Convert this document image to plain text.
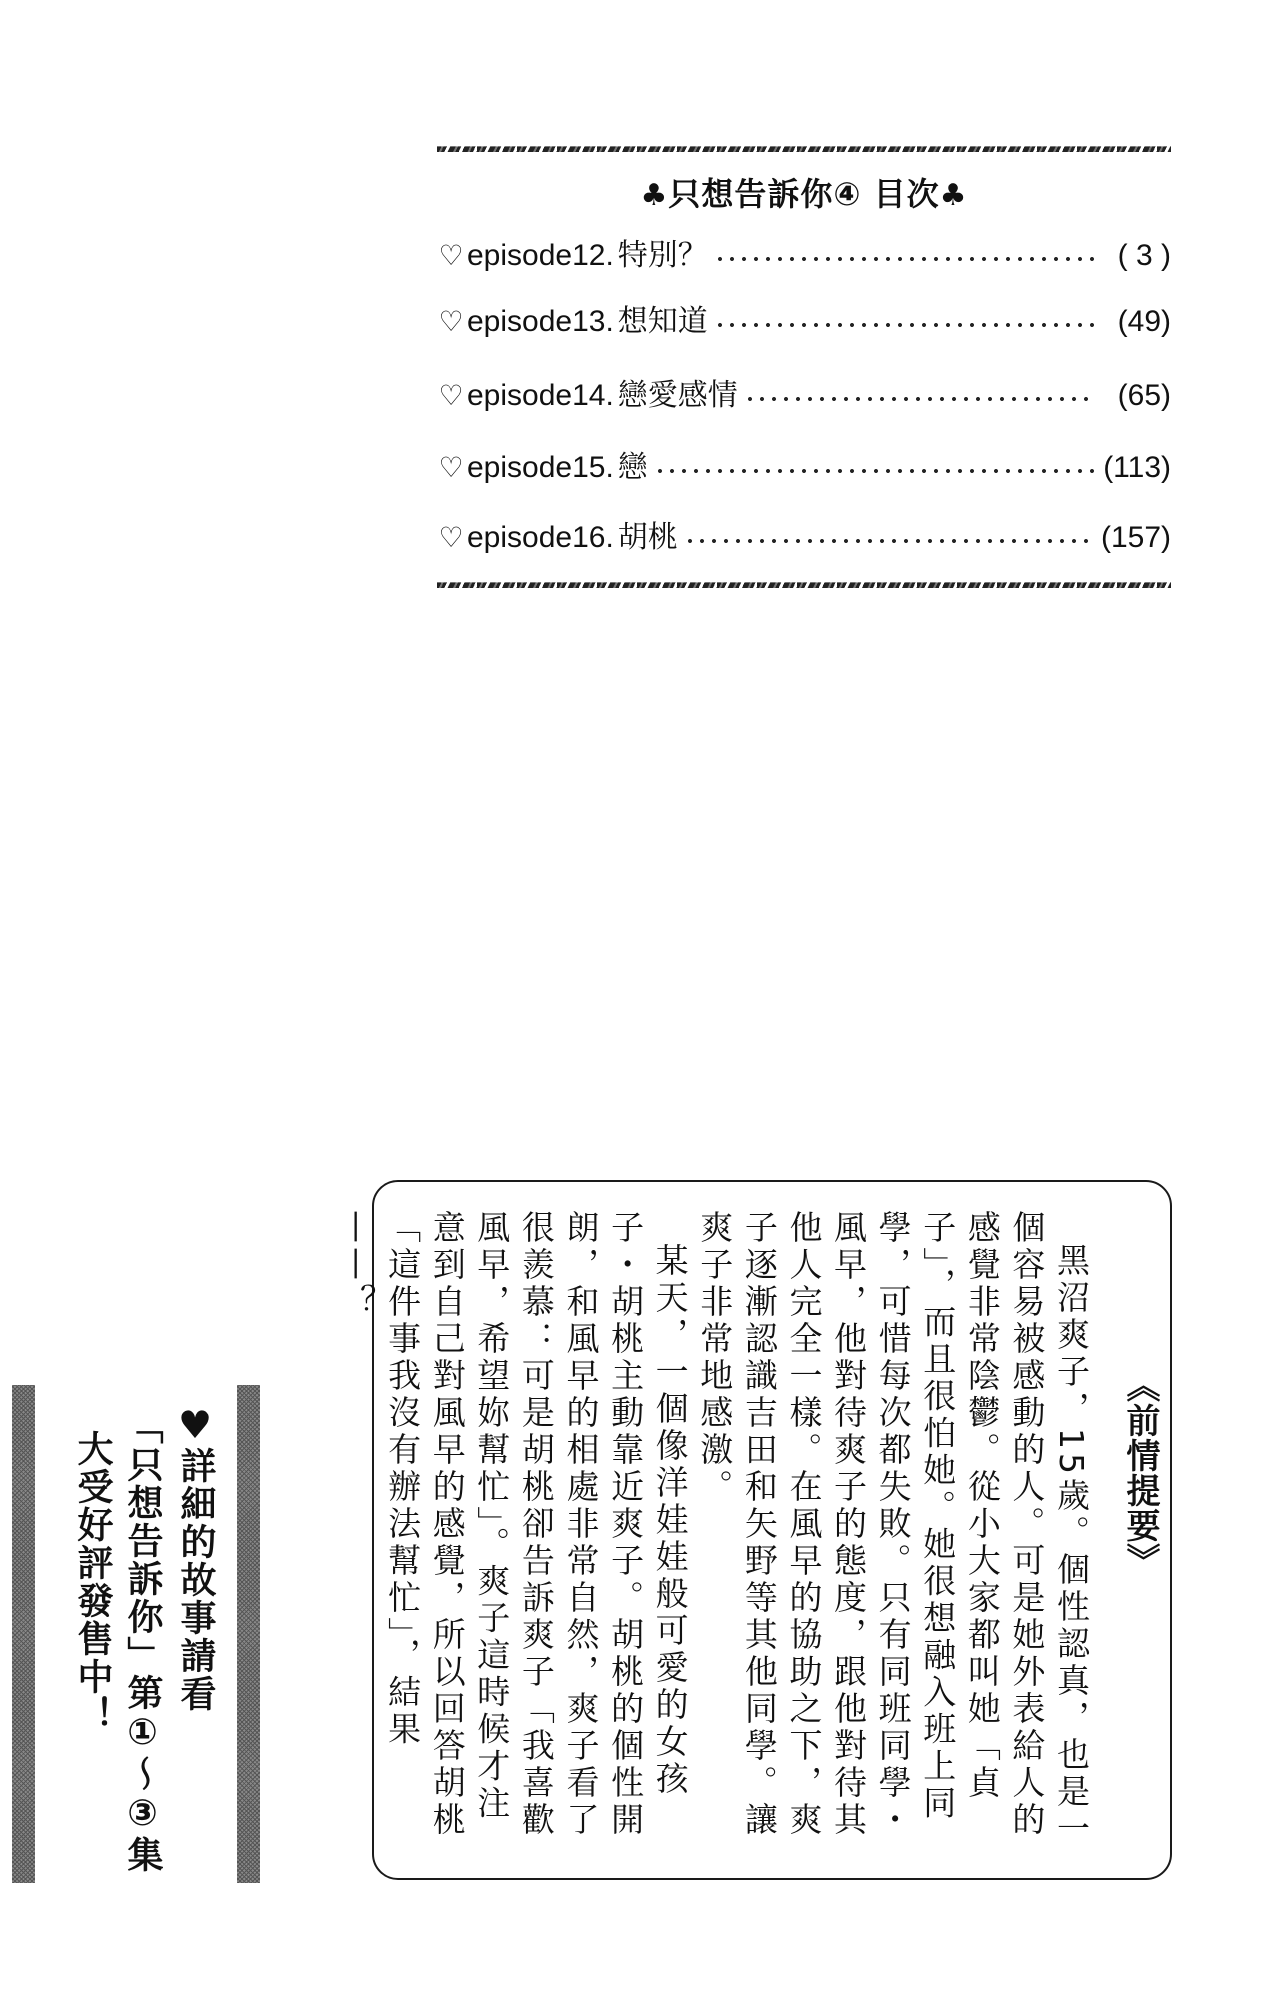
♣只想告訴你④ 目次♣
♡ episode12. 特別？	( 3 )
♡ episode13. 想知道	(49)
♡ episode14. 戀愛感情	(65)
♡ episode15. 戀	(113)
♡ episode16. 胡桃	(157)
《前情提要》

黑沼爽子，15歲。個性認真，也是一個容易被感動的人。可是她外表給人的感覺非常陰鬱。從小大家都叫她「貞子」，而且很怕她。她很想融入班上同學，可惜每次都失敗。只有同班同學・風早，他對待爽子的態度，跟他對待其他人完全一樣。在風早的協助之下，爽子逐漸認識吉田和矢野等其他同學。讓爽子非常地感激。

某天，一個像洋娃娃般可愛的女孩子・胡桃主動靠近爽子。胡桃的個性開朗，和風早的相處非常自然，爽子看了很羨慕：可是胡桃卻告訴爽子「我喜歡風早，希望妳幫忙」。爽子這時候才注意到自己對風早的感覺，所以回答胡桃「這件事我沒有辦法幫忙」，結果——？

♥詳細的故事請看
「只想告訴你」第①～③集
大受好評發售中！
